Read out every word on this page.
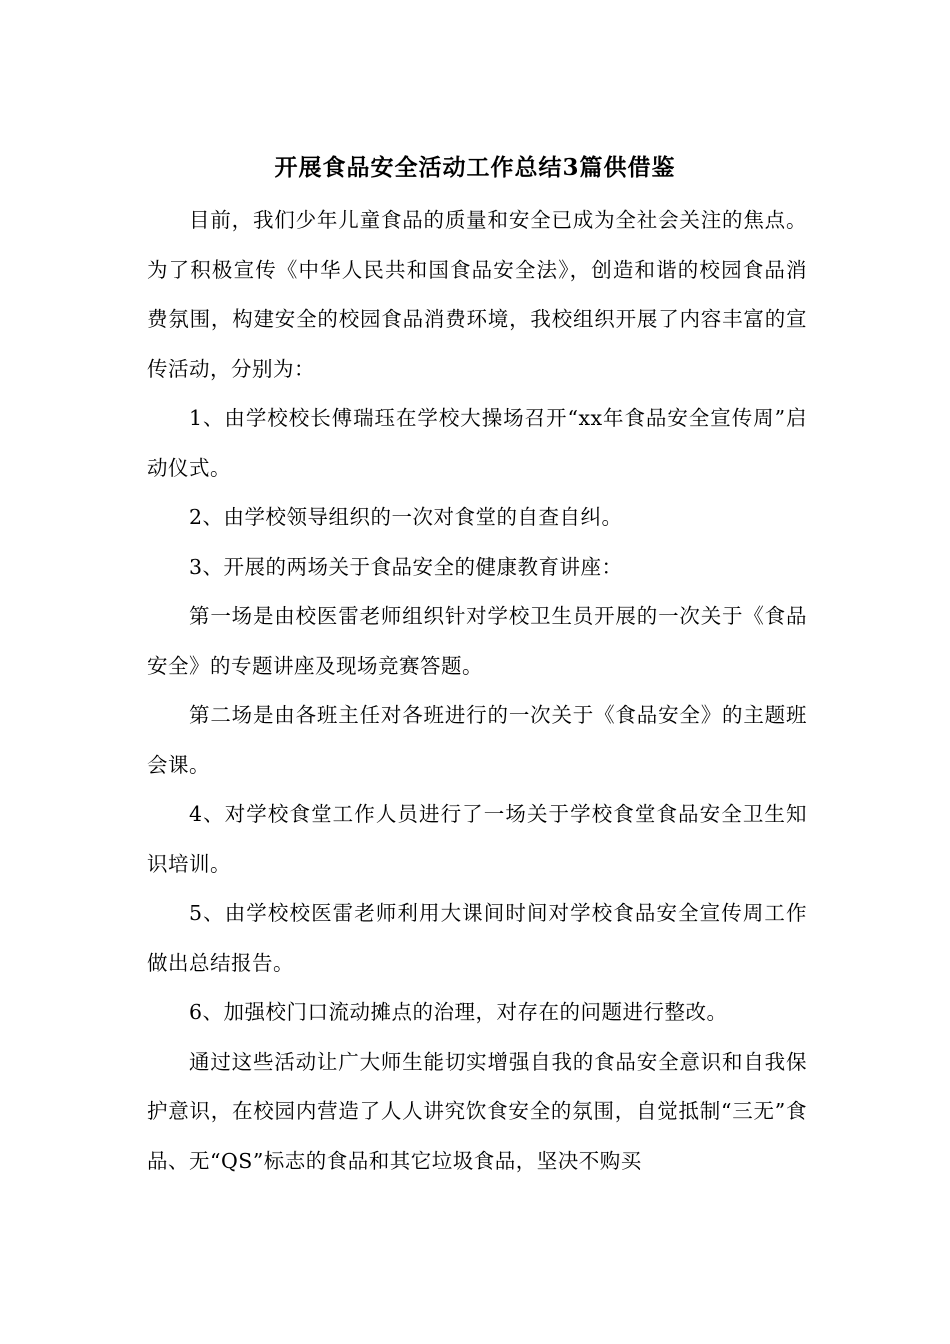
开展食品安全活动工作总结3篇供借鉴

目前，我们少年儿童食品的质量和安全已成为全社会关注的焦点。为了积极宣传《中华人民共和国食品安全法》，创造和谐的校园食品消费氛围，构建安全的校园食品消费环境，我校组织开展了内容丰富的宣传活动，分别为：

1、由学校校长傅瑞珏在学校大操场召开“xx年食品安全宣传周”启动仪式。

2、由学校领导组织的一次对食堂的自查自纠。

3、开展的两场关于食品安全的健康教育讲座：

第一场是由校医雷老师组织针对学校卫生员开展的一次关于《食品安全》的专题讲座及现场竞赛答题。

第二场是由各班主任对各班进行的一次关于《食品安全》的主题班会课。

4、对学校食堂工作人员进行了一场关于学校食堂食品安全卫生知识培训。

5、由学校校医雷老师利用大课间时间对学校食品安全宣传周工作做出总结报告。

6、加强校门口流动摊点的治理，对存在的问题进行整改。

通过这些活动让广大师生能切实增强自我的食品安全意识和自我保护意识，在校园内营造了人人讲究饮食安全的氛围，自觉抵制“三无”食品、无“QS”标志的食品和其它垃圾食品，坚决不购买
